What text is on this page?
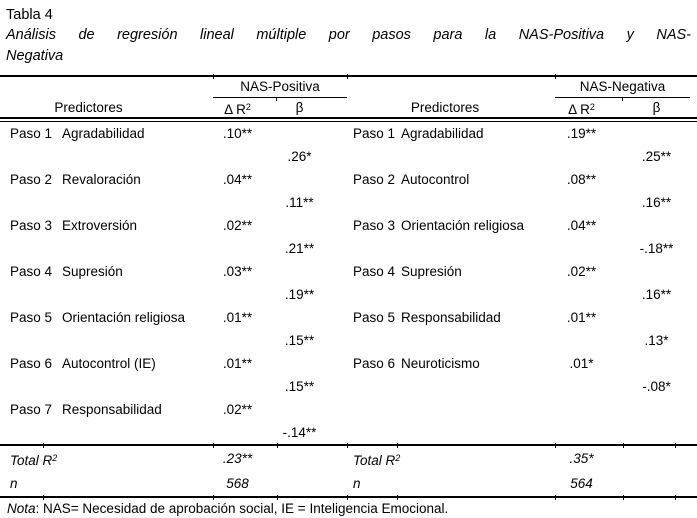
Tabla 4
Análisis de regresión lineal múltiple por pasos para la NAS-Positiva y NAS-
Negativa
NAS-Positiva	NAS-Negativa
Predictores	Δ $R^2$	β	Predictores	Δ $R^2$	β
Paso 1 Agradabilidad	.10**	Paso 1 Agradabilidad	.19**
.26*	.25**
Paso 2 Revaloración	.04**	Paso 2 Autocontrol	.08**
.11**	.16**
Paso 3 Extroversión	.02**	Paso 3 Orientación religiosa	.04**
.21**	-.18**
Paso 4 Supresión	.03**	Paso 4 Supresión	.02**
.19**	.16**
Paso 5 Orientación religiosa	.01**	Paso 5 Responsabilidad	.01**
.15**	.13*
Paso 6 Autocontrol (IE)	.01**	Paso 6 Neuroticismo	.01*
.15**	-.08*
Paso 7 Responsabilidad	.02**
-.14**
Total $R^2$	.23**	Total $R^2$	.35*
n	568	n	564
Nota: NAS= Necesidad de aprobación social, IE = Inteligencia Emocional.
